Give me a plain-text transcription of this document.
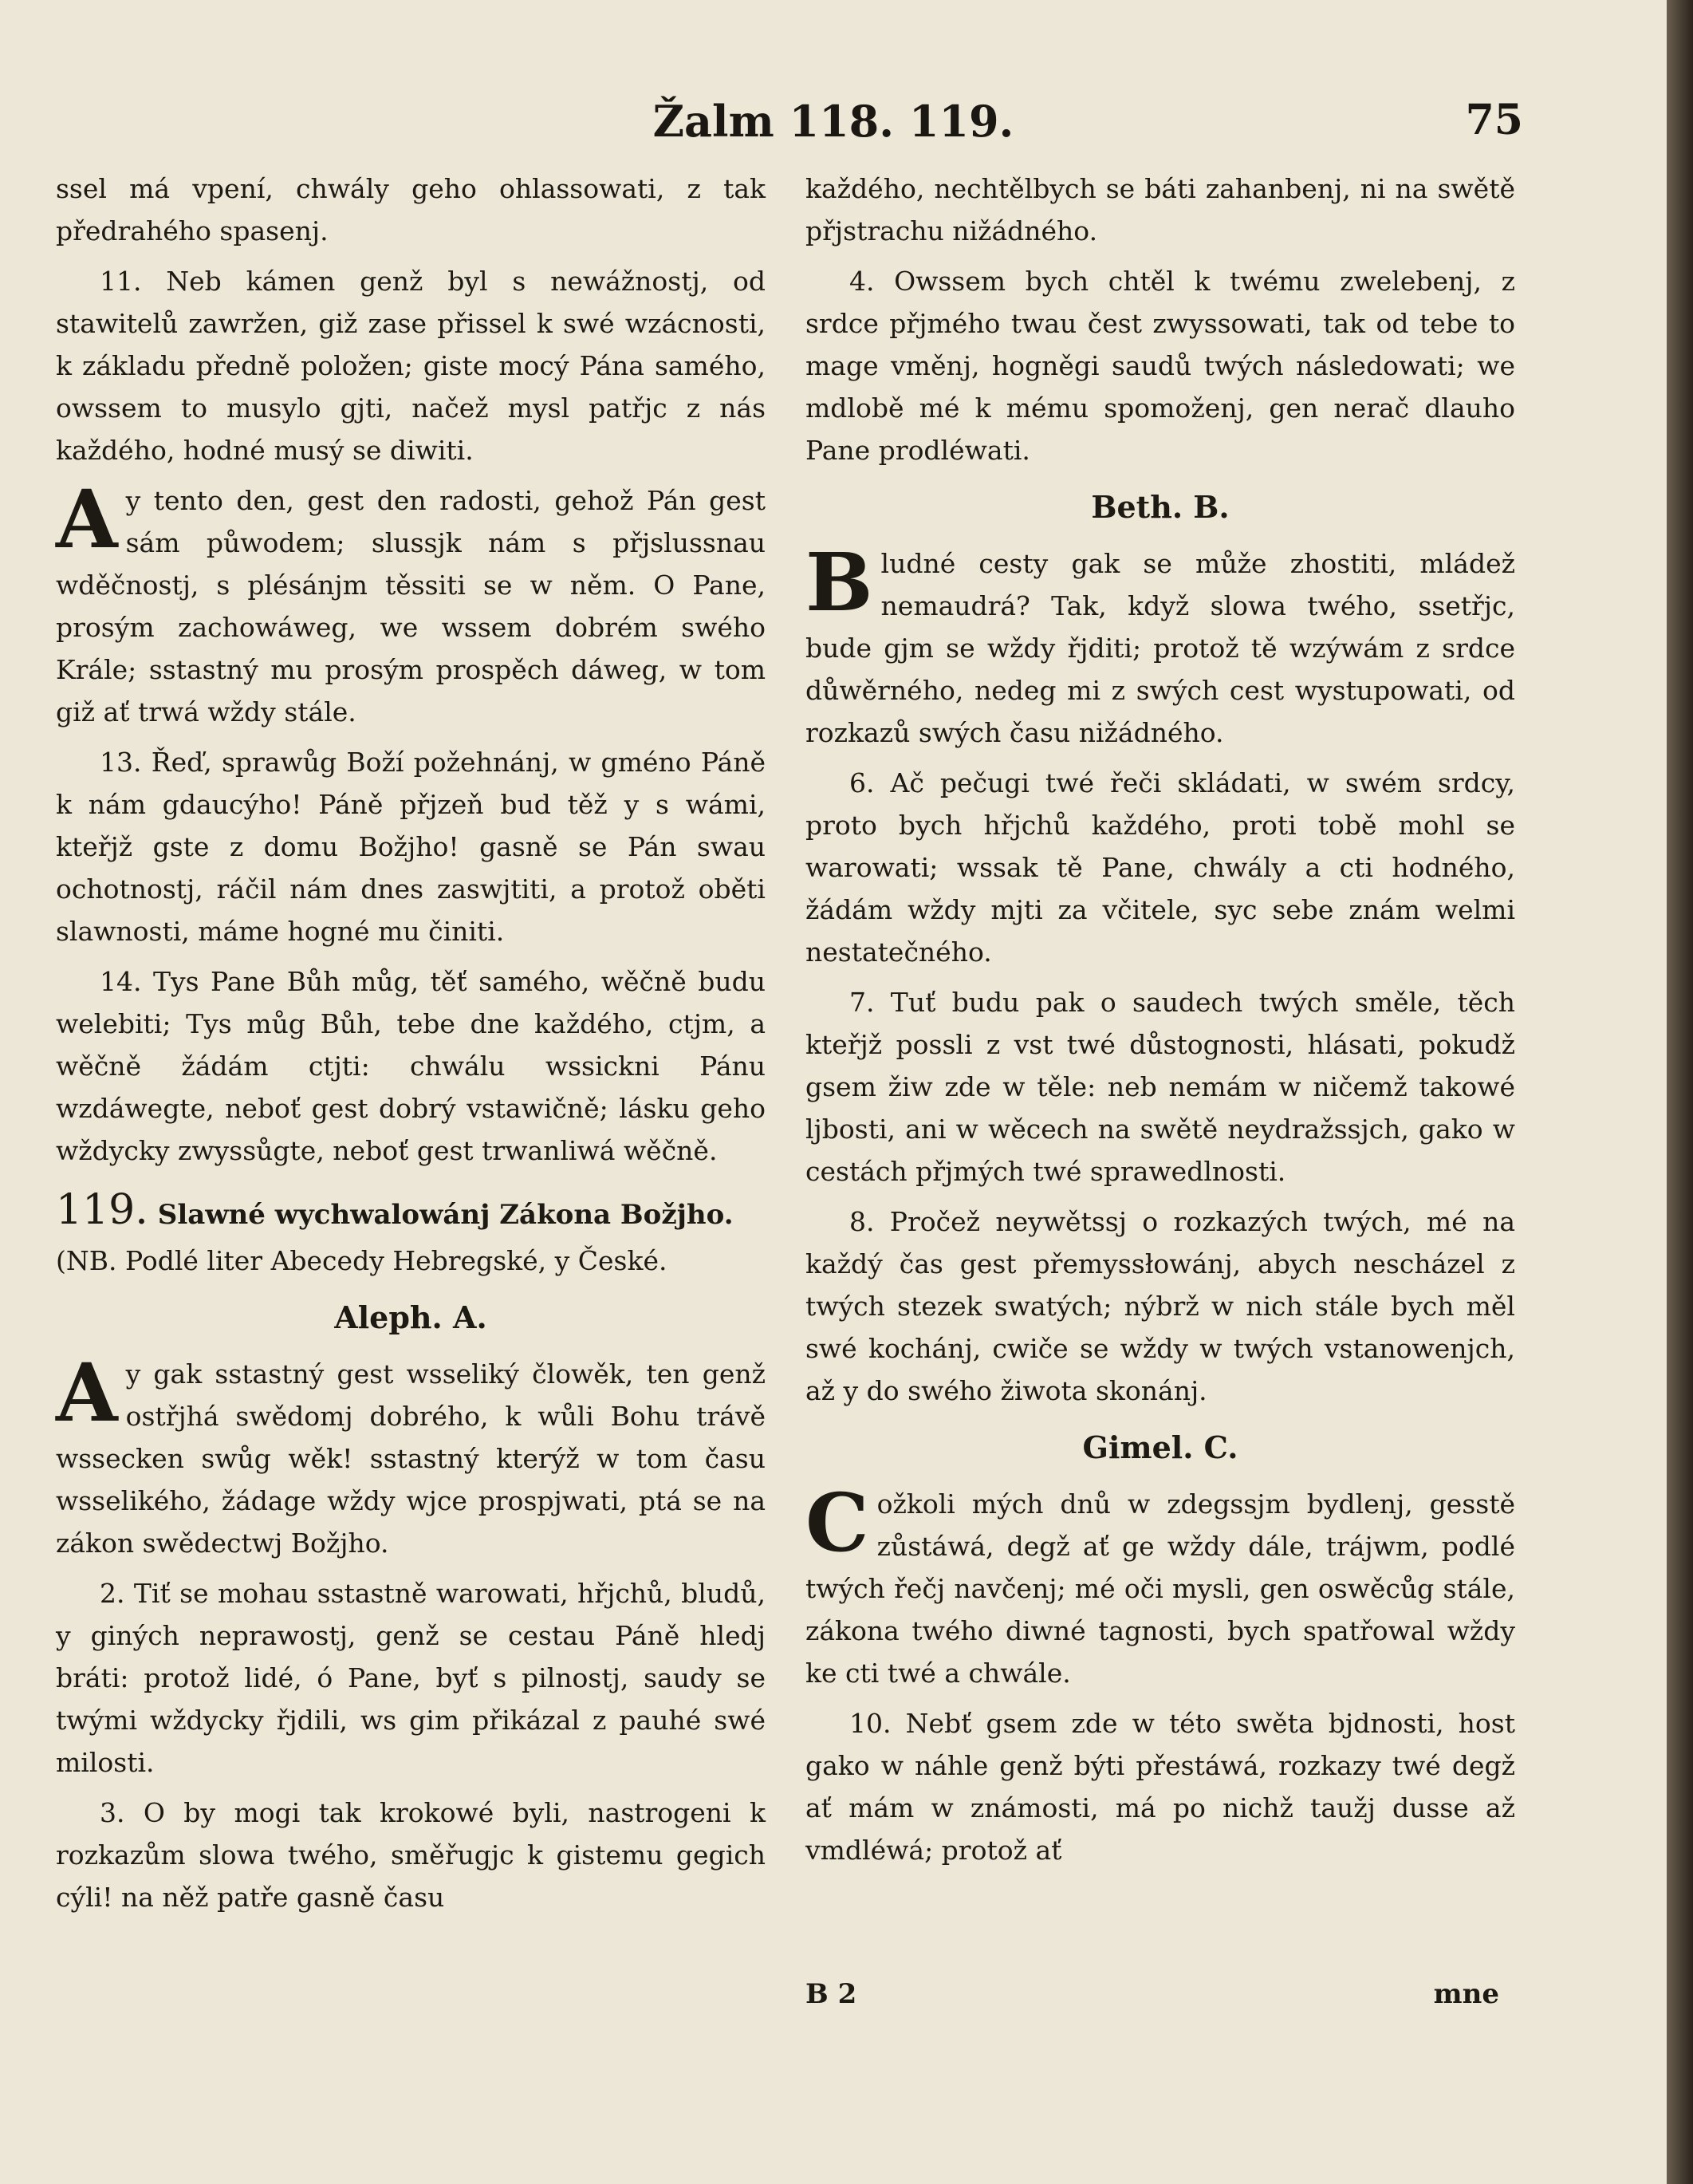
Žalm 118. 119.	75

ssel má vpení, chwály geho ohlassowati, z tak předrahého spasenj.

11. Neb kámen genž byl s newážnostj, od stawitelů zawržen, giž zase přissel k swé wzácnosti, k základu předně položen; giste mocý Pána samého, owssem to musylo gjti, načež mysl patřjc z nás každého, hodné musý se diwiti.

Ay tento den, gest den radosti, gehož Pán gest sám půwodem; slussjk nám s přjslussnau wděčnostj, s plésánjm těssiti se w něm. O Pane, prosým zachowáweg, we wssem dobrém swého Krále; sstastný mu prosým prospěch dáweg, w tom giž ať trwá wždy stále.

13. Řeď, sprawůg Boží požehnánj, w gméno Páně k nám gdaucýho! Páně přjzeň bud těž y s wámi, kteřjž gste z domu Božjho! gasně se Pán swau ochotnostj, ráčil nám dnes zaswjtiti, a protož oběti slawnosti, máme hogné mu činiti.

14. Tys Pane Bůh můg, těť samého, wěčně budu welebiti; Tys můg Bůh, tebe dne každého, ctjm, a wěčně žádám ctjti: chwálu wssickni Pánu wzdáwegte, neboť gest dobrý vstawičně; lásku geho wždycky zwyssůgte, neboť gest trwanliwá wěčně.

119. Slawné wychwalowánj Zákona Božjho.
(NB. Podlé liter Abecedy Hebregské, y České.
Aleph. A.

Ay gak sstastný gest wsseliký člowěk, ten genž ostřjhá swědomj dobrého, k wůli Bohu trávě wssecken swůg wěk! sstastný kterýž w tom času wsselikého, žádage wždy wjce prospjwati, ptá se na zákon swědectwj Božjho.

2. Tiť se mohau sstastně warowati, hřjchů, bludů, y giných neprawostj, genž se cestau Páně hledj bráti: protož lidé, ó Pane, byť s pilnostj, saudy se twými wždycky řjdili, ws gim přikázal z pauhé swé milosti.

3. O by mogi tak krokowé byli, nastrogeni k rozkazům slowa twého, směřugjc k gistemu gegich cýli! na něž patře gasně času

každého, nechtělbych se báti zahanbenj, ni na swětě přjstrachu nižádného.

4. Owssem bych chtěl k twému zwelebenj, z srdce přjmého twau čest zwyssowati, tak od tebe to mage vměnj, hogněgi saudů twých následowati; we mdlobě mé k mému spomoženj, gen nerač dlauho Pane prodléwati.

Beth. B.

Bludné cesty gak se může zhostiti, mládež nemaudrá? Tak, když slowa twého, ssetřjc, bude gjm se wždy řjditi; protož tě wzýwám z srdce důwěrného, nedeg mi z swých cest wystupowati, od rozkazů swých času nižádného.

6. Ač pečugi twé řeči skládati, w swém srdcy, proto bych hřjchů každého, proti tobě mohl se warowati; wssak tě Pane, chwály a cti hodného, žádám wždy mjti za včitele, syc sebe znám welmi nestatečného.

7. Tuť budu pak o saudech twých směle, těch kteřjž possli z vst twé důstognosti, hlásati, pokudž gsem žiw zde w těle: neb nemám w ničemž takowé ljbosti, ani w wěcech na swětě neydražssjch, gako w cestách přjmých twé sprawedlnosti.

8. Pročež neywětssj o rozkazých twých, mé na každý čas gest přemyssłowánj, abych nescházel z twých stezek swatých; nýbrž w nich stále bych měl swé kochánj, cwiče se wždy w twých vstanowenjch, až y do swého žiwota skonánj.

Gimel. C.

Cožkoli mých dnů w zdegssjm bydlenj, gesstě zůstáwá, degž ať ge wždy dále, trájwm, podlé twých řečj navčenj; mé oči mysli, gen oswěcůg stále, zákona twého diwné tagnosti, bych spatřowal wždy ke cti twé a chwále.

10. Nebť gsem zde w této swěta bjdnosti, host gako w náhle genž býti přestáwá, rozkazy twé degž ať mám w známosti, má po nichž taužj dusse až vmdléwá; protož ať

B 2	mne
